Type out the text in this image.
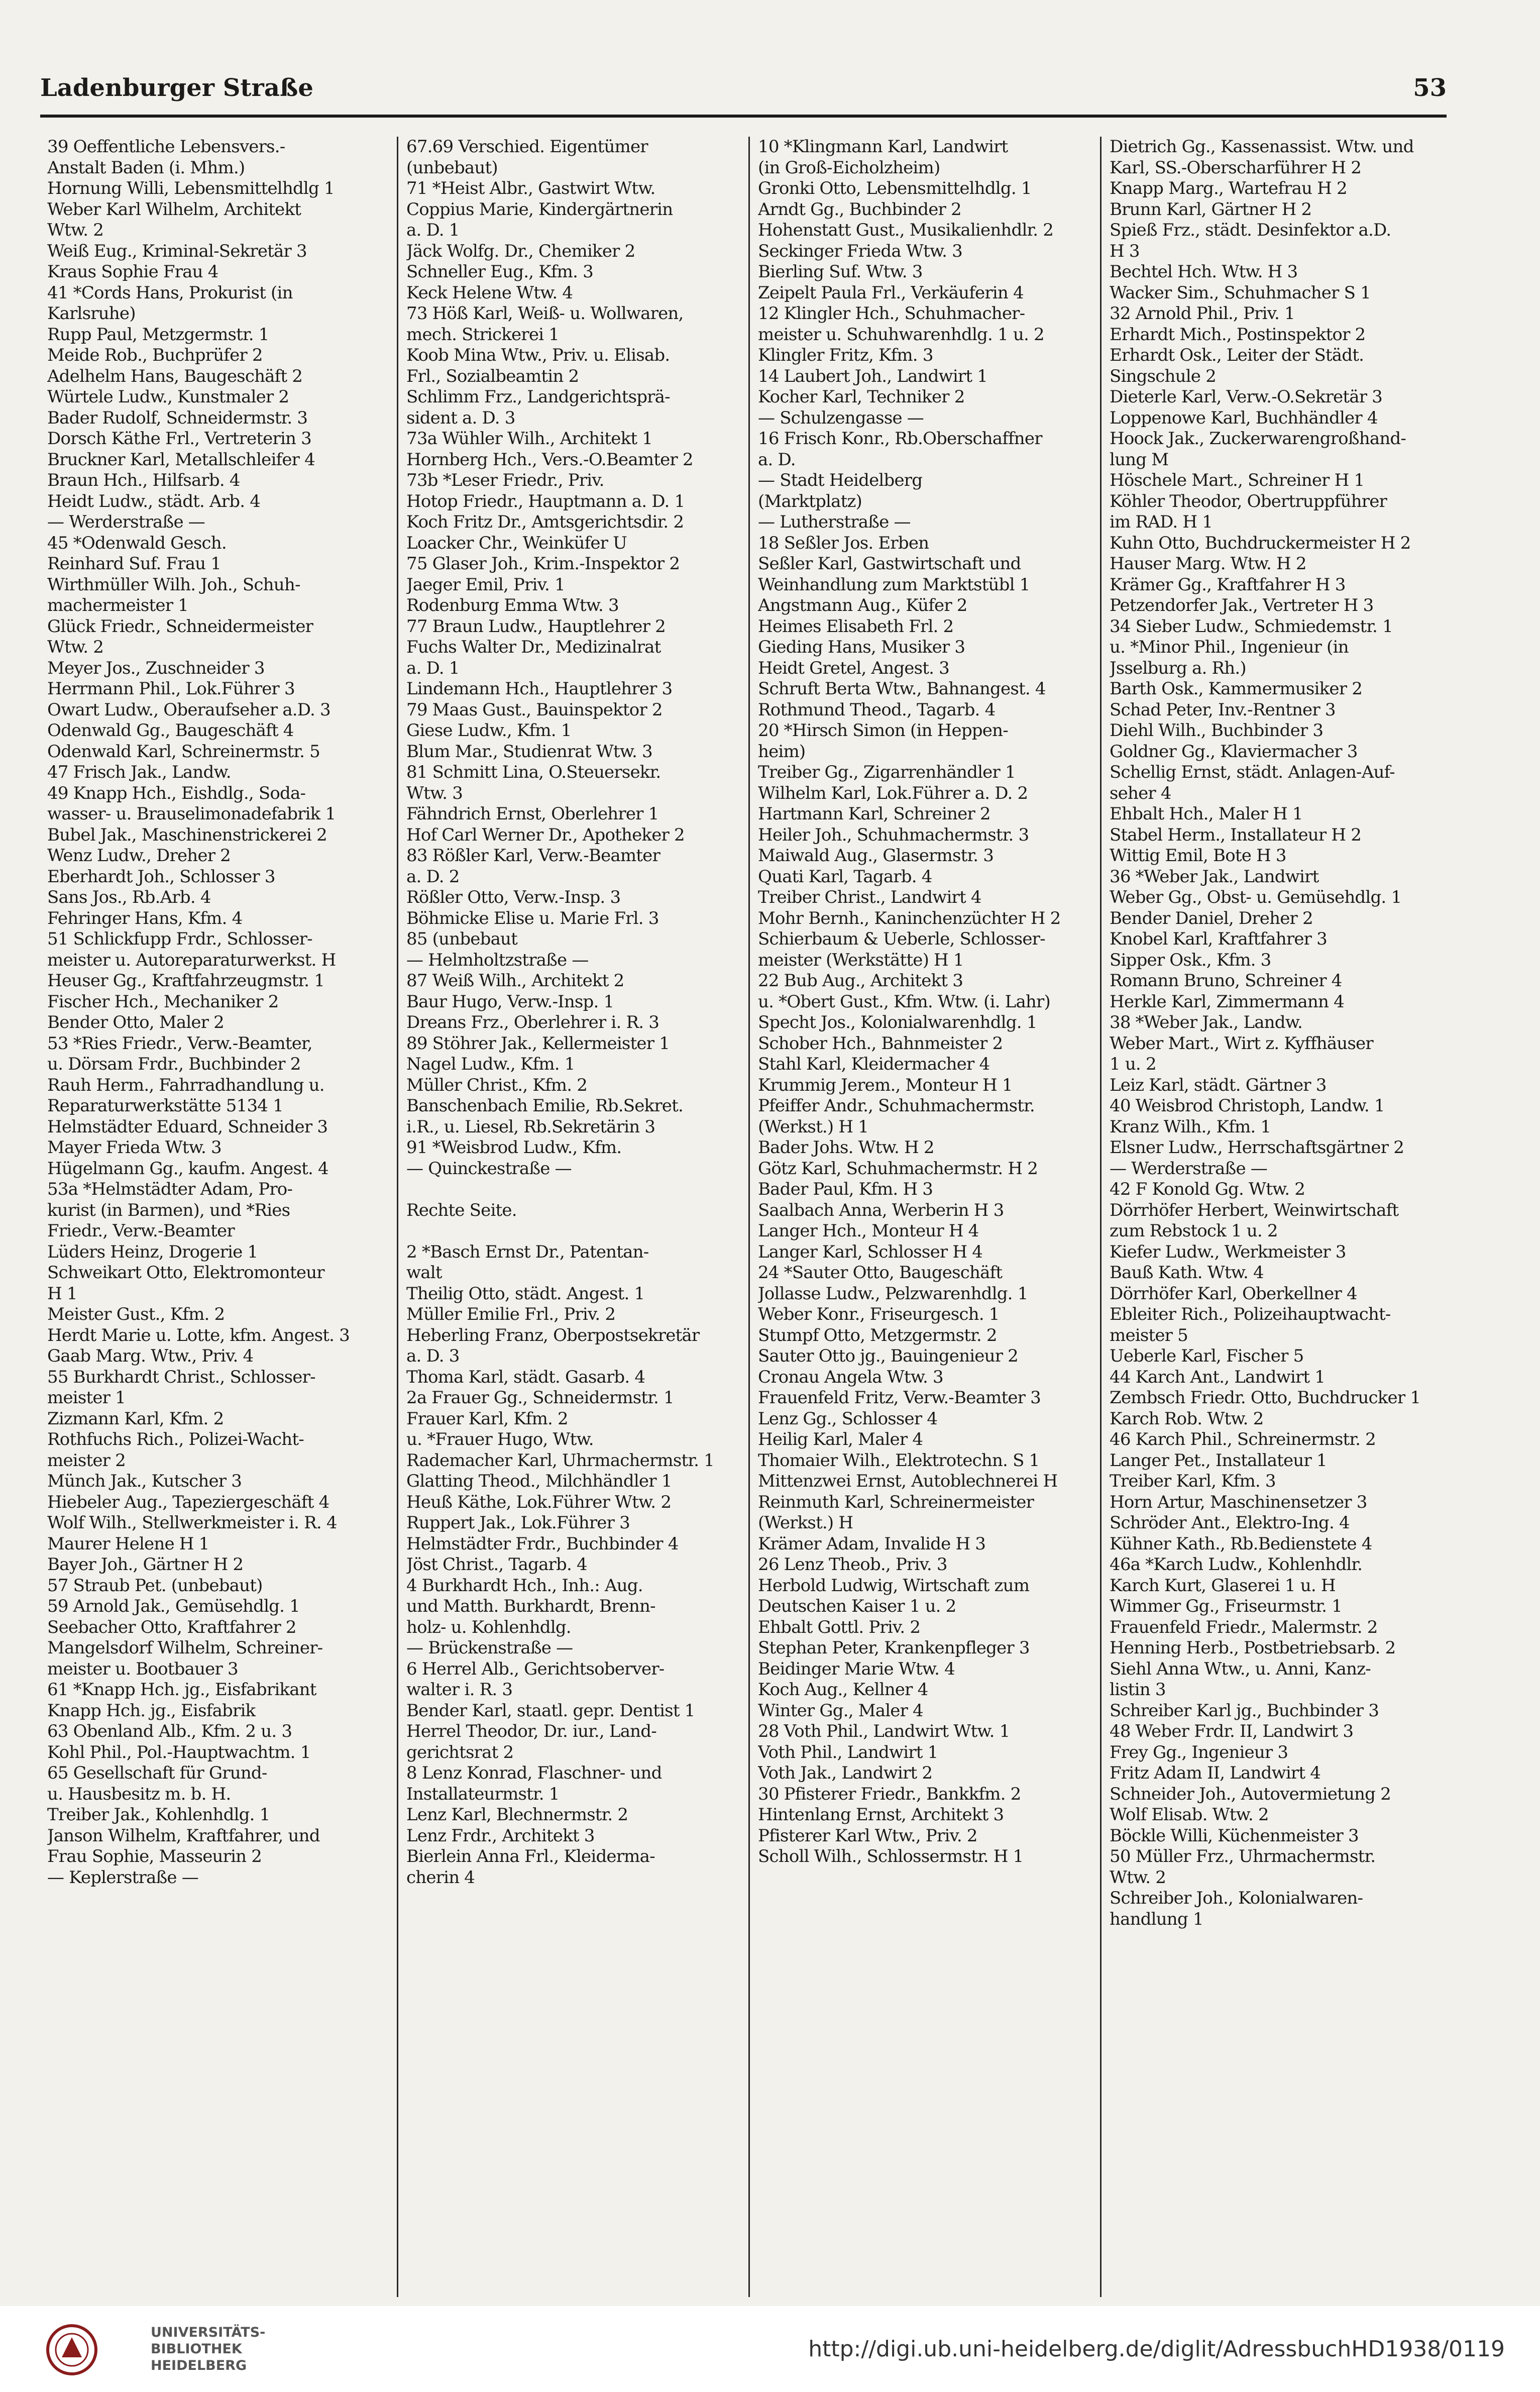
Ladenburger Straße	53
39 Oeffentliche Lebensvers.-
Anstalt Baden (i. Mhm.)
Hornung Willi, Lebensmittelhdlg 1
Weber Karl Wilhelm, Architekt
Wtw. 2
Weiß Eug., Kriminal-Sekretär 3
Kraus Sophie Frau 4
41 *Cords Hans, Prokurist (in
Karlsruhe)
Rupp Paul, Metzgermstr. 1
Meide Rob., Buchprüfer 2
Adelhelm Hans, Baugeschäft 2
Würtele Ludw., Kunstmaler 2
Bader Rudolf, Schneidermstr. 3
Dorsch Käthe Frl., Vertreterin 3
Bruckner Karl, Metallschleifer 4
Braun Hch., Hilfsarb. 4
Heidt Ludw., städt. Arb. 4
— Werderstraße —
45 *Odenwald Gesch.
Reinhard Suf. Frau 1
Wirthmüller Wilh. Joh., Schuh-
machermeister 1
Glück Friedr., Schneidermeister
Wtw. 2
Meyer Jos., Zuschneider 3
Herrmann Phil., Lok.Führer 3
Owart Ludw., Oberaufseher a.D. 3
Odenwald Gg., Baugeschäft 4
Odenwald Karl, Schreinermstr. 5
47 Frisch Jak., Landw.
49 Knapp Hch., Eishdlg., Soda-
wasser- u. Brauselimonadefabrik 1
Bubel Jak., Maschinenstrickerei 2
Wenz Ludw., Dreher 2
Eberhardt Joh., Schlosser 3
Sans Jos., Rb.Arb. 4
Fehringer Hans, Kfm. 4
51 Schlickfupp Frdr., Schlosser-
meister u. Autoreparaturwerkst. H
Heuser Gg., Kraftfahrzeugmstr. 1
Fischer Hch., Mechaniker 2
Bender Otto, Maler 2
53 *Ries Friedr., Verw.-Beamter,
u. Dörsam Frdr., Buchbinder 2
Rauh Herm., Fahrradhandlung u.
Reparaturwerkstätte 5134 1
Helmstädter Eduard, Schneider 3
Mayer Frieda Wtw. 3
Hügelmann Gg., kaufm. Angest. 4
53a *Helmstädter Adam, Pro-
kurist (in Barmen), und *Ries
Friedr., Verw.-Beamter
Lüders Heinz, Drogerie 1
Schweikart Otto, Elektromonteur
H 1
Meister Gust., Kfm. 2
Herdt Marie u. Lotte, kfm. Angest. 3
Gaab Marg. Wtw., Priv. 4
55 Burkhardt Christ., Schlosser-
meister 1
Zizmann Karl, Kfm. 2
Rothfuchs Rich., Polizei-Wacht-
meister 2
Münch Jak., Kutscher 3
Hiebeler Aug., Tapeziergeschäft 4
Wolf Wilh., Stellwerkmeister i. R. 4
Maurer Helene H 1
Bayer Joh., Gärtner H 2
57 Straub Pet. (unbebaut)
59 Arnold Jak., Gemüsehdlg. 1
Seebacher Otto, Kraftfahrer 2
Mangelsdorf Wilhelm, Schreiner-
meister u. Bootbauer 3
61 *Knapp Hch. jg., Eisfabrikant
Knapp Hch. jg., Eisfabrik
63 Obenland Alb., Kfm. 2 u. 3
Kohl Phil., Pol.-Hauptwachtm. 1
65 Gesellschaft für Grund-
u. Hausbesitz m. b. H.
Treiber Jak., Kohlenhdlg. 1
Janson Wilhelm, Kraftfahrer, und
Frau Sophie, Masseurin 2
— Keplerstraße —
67.69 Verschied. Eigentümer
(unbebaut)
71 *Heist Albr., Gastwirt Wtw.
Coppius Marie, Kindergärtnerin
a. D. 1
Jäck Wolfg. Dr., Chemiker 2
Schneller Eug., Kfm. 3
Keck Helene Wtw. 4
73 Höß Karl, Weiß- u. Wollwaren,
mech. Strickerei 1
Koob Mina Wtw., Priv. u. Elisab.
Frl., Sozialbeamtin 2
Schlimm Frz., Landgerichtsprä-
sident a. D. 3
73a Wühler Wilh., Architekt 1
Hornberg Hch., Vers.-O.Beamter 2
73b *Leser Friedr., Priv.
Hotop Friedr., Hauptmann a. D. 1
Koch Fritz Dr., Amtsgerichtsdir. 2
Loacker Chr., Weinküfer U
75 Glaser Joh., Krim.-Inspektor 2
Jaeger Emil, Priv. 1
Rodenburg Emma Wtw. 3
77 Braun Ludw., Hauptlehrer 2
Fuchs Walter Dr., Medizinalrat
a. D. 1
Lindemann Hch., Hauptlehrer 3
79 Maas Gust., Bauinspektor 2
Giese Ludw., Kfm. 1
Blum Mar., Studienrat Wtw. 3
81 Schmitt Lina, O.Steuersekr.
Wtw. 3
Fähndrich Ernst, Oberlehrer 1
Hof Carl Werner Dr., Apotheker 2
83 Rößler Karl, Verw.-Beamter
a. D. 2
Rößler Otto, Verw.-Insp. 3
Böhmicke Elise u. Marie Frl. 3
85 (unbebaut
— Helmholtzstraße —
87 Weiß Wilh., Architekt 2
Baur Hugo, Verw.-Insp. 1
Dreans Frz., Oberlehrer i. R. 3
89 Stöhrer Jak., Kellermeister 1
Nagel Ludw., Kfm. 1
Müller Christ., Kfm. 2
Banschenbach Emilie, Rb.Sekret.
i.R., u. Liesel, Rb.Sekretärin 3
91 *Weisbrod Ludw., Kfm.
— Quinckestraße —
Rechte Seite.
2 *Basch Ernst Dr., Patentan-
walt
Theilig Otto, städt. Angest. 1
Müller Emilie Frl., Priv. 2
Heberling Franz, Oberpostsekretär
a. D. 3
Thoma Karl, städt. Gasarb. 4
2a Frauer Gg., Schneidermstr. 1
Frauer Karl, Kfm. 2
u. *Frauer Hugo, Wtw.
Rademacher Karl, Uhrmachermstr. 1
Glatting Theod., Milchhändler 1
Heuß Käthe, Lok.Führer Wtw. 2
Ruppert Jak., Lok.Führer 3
Helmstädter Frdr., Buchbinder 4
Jöst Christ., Tagarb. 4
4 Burkhardt Hch., Inh.: Aug.
und Matth. Burkhardt, Brenn-
holz- u. Kohlenhdlg.
— Brückenstraße —
6 Herrel Alb., Gerichtsoberver-
walter i. R. 3
Bender Karl, staatl. gepr. Dentist 1
Herrel Theodor, Dr. iur., Land-
gerichtsrat 2
8 Lenz Konrad, Flaschner- und
Installateurmstr. 1
Lenz Karl, Blechnermstr. 2
Lenz Frdr., Architekt 3
Bierlein Anna Frl., Kleiderma-
cherin 4
10 *Klingmann Karl, Landwirt
(in Groß-Eicholzheim)
Gronki Otto, Lebensmittelhdlg. 1
Arndt Gg., Buchbinder 2
Hohenstatt Gust., Musikalienhdlr. 2
Seckinger Frieda Wtw. 3
Bierling Suf. Wtw. 3
Zeipelt Paula Frl., Verkäuferin 4
12 Klingler Hch., Schuhmacher-
meister u. Schuhwarenhdlg. 1 u. 2
Klingler Fritz, Kfm. 3
14 Laubert Joh., Landwirt 1
Kocher Karl, Techniker 2
— Schulzengasse —
16 Frisch Konr., Rb.Oberschaffner
a. D.
— Stadt Heidelberg
(Marktplatz)
— Lutherstraße —
18 Seßler Jos. Erben
Seßler Karl, Gastwirtschaft und
Weinhandlung zum Marktstübl 1
Angstmann Aug., Küfer 2
Heimes Elisabeth Frl. 2
Gieding Hans, Musiker 3
Heidt Gretel, Angest. 3
Schruft Berta Wtw., Bahnangest. 4
Rothmund Theod., Tagarb. 4
20 *Hirsch Simon (in Heppen-
heim)
Treiber Gg., Zigarrenhändler 1
Wilhelm Karl, Lok.Führer a. D. 2
Hartmann Karl, Schreiner 2
Heiler Joh., Schuhmachermstr. 3
Maiwald Aug., Glasermstr. 3
Quati Karl, Tagarb. 4
Treiber Christ., Landwirt 4
Mohr Bernh., Kaninchenzüchter H 2
Schierbaum & Ueberle, Schlosser-
meister (Werkstätte) H 1
22 Bub Aug., Architekt 3
u. *Obert Gust., Kfm. Wtw. (i. Lahr)
Specht Jos., Kolonialwarenhdlg. 1
Schober Hch., Bahnmeister 2
Stahl Karl, Kleidermacher 4
Krummig Jerem., Monteur H 1
Pfeiffer Andr., Schuhmachermstr.
(Werkst.) H 1
Bader Johs. Wtw. H 2
Götz Karl, Schuhmachermstr. H 2
Bader Paul, Kfm. H 3
Saalbach Anna, Werberin H 3
Langer Hch., Monteur H 4
Langer Karl, Schlosser H 4
24 *Sauter Otto, Baugeschäft
Jollasse Ludw., Pelzwarenhdlg. 1
Weber Konr., Friseurgesch. 1
Stumpf Otto, Metzgermstr. 2
Sauter Otto jg., Bauingenieur 2
Cronau Angela Wtw. 3
Frauenfeld Fritz, Verw.-Beamter 3
Lenz Gg., Schlosser 4
Heilig Karl, Maler 4
Thomaier Wilh., Elektrotechn. S 1
Mittenzwei Ernst, Autoblechnerei H
Reinmuth Karl, Schreinermeister
(Werkst.) H
Krämer Adam, Invalide H 3
26 Lenz Theob., Priv. 3
Herbold Ludwig, Wirtschaft zum
Deutschen Kaiser 1 u. 2
Ehbalt Gottl. Priv. 2
Stephan Peter, Krankenpfleger 3
Beidinger Marie Wtw. 4
Koch Aug., Kellner 4
Winter Gg., Maler 4
28 Voth Phil., Landwirt Wtw. 1
Voth Phil., Landwirt 1
Voth Jak., Landwirt 2
30 Pfisterer Friedr., Bankkfm. 2
Hintenlang Ernst, Architekt 3
Pfisterer Karl Wtw., Priv. 2
Scholl Wilh., Schlossermstr. H 1
Dietrich Gg., Kassenassist. Wtw. und
Karl, SS.-Oberscharführer H 2
Knapp Marg., Wartefrau H 2
Brunn Karl, Gärtner H 2
Spieß Frz., städt. Desinfektor a.D.
H 3
Bechtel Hch. Wtw. H 3
Wacker Sim., Schuhmacher S 1
32 Arnold Phil., Priv. 1
Erhardt Mich., Postinspektor 2
Erhardt Osk., Leiter der Städt.
Singschule 2
Dieterle Karl, Verw.-O.Sekretär 3
Loppenowe Karl, Buchhändler 4
Hoock Jak., Zuckerwarengroßhand-
lung M
Höschele Mart., Schreiner H 1
Köhler Theodor, Obertruppführer
im RAD. H 1
Kuhn Otto, Buchdruckermeister H 2
Hauser Marg. Wtw. H 2
Krämer Gg., Kraftfahrer H 3
Petzendorfer Jak., Vertreter H 3
34 Sieber Ludw., Schmiedemstr. 1
u. *Minor Phil., Ingenieur (in
Jsselburg a. Rh.)
Barth Osk., Kammermusiker 2
Schad Peter, Inv.-Rentner 3
Diehl Wilh., Buchbinder 3
Goldner Gg., Klaviermacher 3
Schellig Ernst, städt. Anlagen-Auf-
seher 4
Ehbalt Hch., Maler H 1
Stabel Herm., Installateur H 2
Wittig Emil, Bote H 3
36 *Weber Jak., Landwirt
Weber Gg., Obst- u. Gemüsehdlg. 1
Bender Daniel, Dreher 2
Knobel Karl, Kraftfahrer 3
Sipper Osk., Kfm. 3
Romann Bruno, Schreiner 4
Herkle Karl, Zimmermann 4
38 *Weber Jak., Landw.
Weber Mart., Wirt z. Kyffhäuser
1 u. 2
Leiz Karl, städt. Gärtner 3
40 Weisbrod Christoph, Landw. 1
Kranz Wilh., Kfm. 1
Elsner Ludw., Herrschaftsgärtner 2
— Werderstraße —
42 F Konold Gg. Wtw. 2
Dörrhöfer Herbert, Weinwirtschaft
zum Rebstock 1 u. 2
Kiefer Ludw., Werkmeister 3
Bauß Kath. Wtw. 4
Dörrhöfer Karl, Oberkellner 4
Ebleiter Rich., Polizeihauptwacht-
meister 5
Ueberle Karl, Fischer 5
44 Karch Ant., Landwirt 1
Zembsch Friedr. Otto, Buchdrucker 1
Karch Rob. Wtw. 2
46 Karch Phil., Schreinermstr. 2
Langer Pet., Installateur 1
Treiber Karl, Kfm. 3
Horn Artur, Maschinensetzer 3
Schröder Ant., Elektro-Ing. 4
Kühner Kath., Rb.Bedienstete 4
46a *Karch Ludw., Kohlenhdlr.
Karch Kurt, Glaserei 1 u. H
Wimmer Gg., Friseurmstr. 1
Frauenfeld Friedr., Malermstr. 2
Henning Herb., Postbetriebsarb. 2
Siehl Anna Wtw., u. Anni, Kanz-
listin 3
Schreiber Karl jg., Buchbinder 3
48 Weber Frdr. II, Landwirt 3
Frey Gg., Ingenieur 3
Fritz Adam II, Landwirt 4
Schneider Joh., Autovermietung 2
Wolf Elisab. Wtw. 2
Böckle Willi, Küchenmeister 3
50 Müller Frz., Uhrmachermstr.
Wtw. 2
Schreiber Joh., Kolonialwaren-
handlung 1
UNIVERSITÄTS-
BIBLIOTHEK
HEIDELBERG
http://digi.ub.uni-heidelberg.de/diglit/AdressbuchHD1938/0119
